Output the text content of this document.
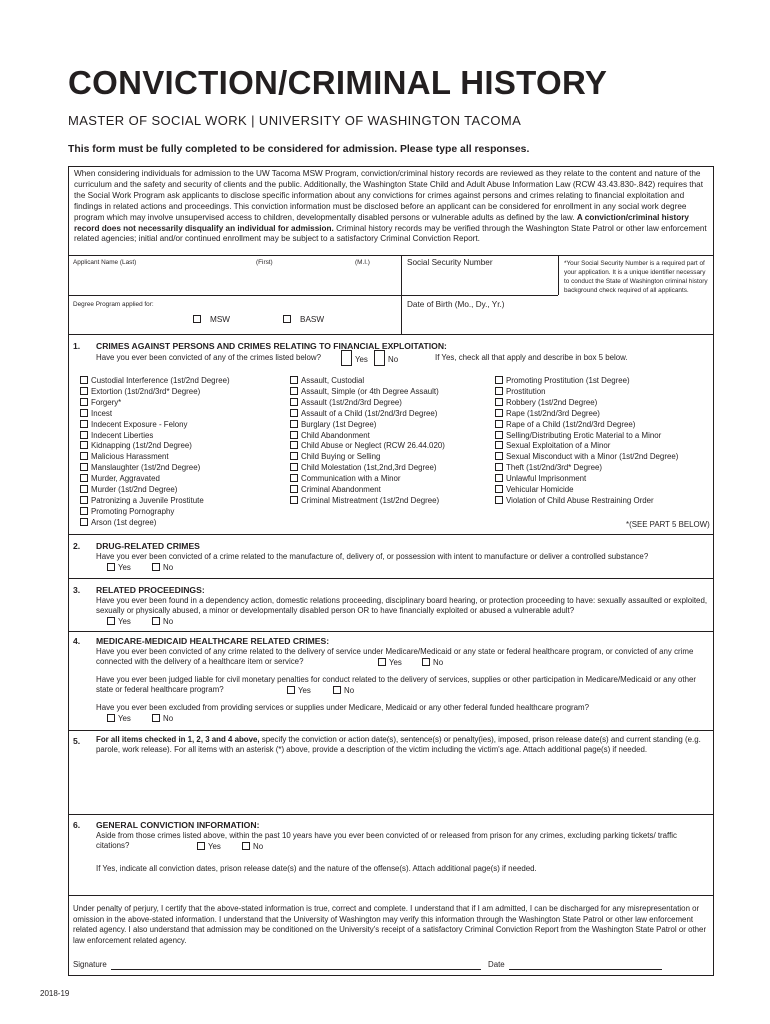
CONVICTION/CRIMINAL HISTORY
MASTER OF SOCIAL WORK | UNIVERSITY OF WASHINGTON TACOMA
This form must be fully completed to be considered for admission. Please type all responses.

When considering individuals for admission to the UW Tacoma MSW Program, conviction/criminal history records are reviewed as they relate to the content and nature of the curriculum and the safety and security of clients and the public. Additionally, the Washington State Child and Adult Abuse Information Law (RCW 43.43.830-.842) requires that the Social Work Program ask applicants to disclose specific information about any convictions for crimes against persons and crimes relating to financial exploitation and findings in related actions and proceedings. This conviction information must be disclosed before an applicant can be considered for enrollment in any social work degree program which may involve unsupervised access to children, developmentally disabled persons or vulnerable adults as defined by the law. A conviction/criminal history record does not necessarily disqualify an individual for admission. Criminal history records may be verified through the Washington State Patrol or other law enforcement related agencies; initial and/or continued enrollment may be subject to a satisfactory Criminal Conviction Report.

Applicant Name (Last)	(First)	(M.I.)	Social Security Number	*Your Social Security Number is a required part of your application. It is a unique identifier necessary to conduct the State of Washington criminal history background check required of all applicants.
Degree Program applied for:
MSW	BASW
Date of Birth (Mo., Dy., Yr.)
1. CRIMES AGAINST PERSONS AND CRIMES RELATING TO FINANCIAL EXPLOITATION:
Have you ever been convicted of any of the crimes listed below?	Yes	No	If Yes, check all that apply and describe in box 5 below.
Custodial Interference (1st/2nd Degree)
Extortion (1st/2nd/3rd* Degree)
Forgery*
Incest
Indecent Exposure - Felony
Indecent Liberties
Kidnapping (1st/2nd Degree)
Malicious Harassment
Manslaughter (1st/2nd Degree)
Murder, Aggravated
Murder (1st/2nd Degree)
Patronizing a Juvenile Prostitute
Promoting Pornography
Arson (1st degree)
Assault, Custodial
Assault, Simple (or 4th Degree Assault)
Assault (1st/2nd/3rd Degree)
Assault of a Child (1st/2nd/3rd Degree)
Burglary (1st Degree)
Child Abandonment
Child Abuse or Neglect (RCW 26.44.020)
Child Buying or Selling
Child Molestation (1st,2nd,3rd Degree)
Communication with a Minor
Criminal Abandonment
Criminal Mistreatment (1st/2nd Degree)
Promoting Prostitution (1st Degree)
Prostitution
Robbery (1st/2nd Degree)
Rape (1st/2nd/3rd Degree)
Rape of a Child (1st/2nd/3rd Degree)
Selling/Distributing Erotic Material to a Minor
Sexual Exploitation of a Minor
Sexual Misconduct with a Minor (1st/2nd Degree)
Theft (1st/2nd/3rd* Degree)
Unlawful Imprisonment
Vehicular Homicide
Violation of Child Abuse Restraining Order
*(SEE PART 5 BELOW)
2. DRUG-RELATED CRIMES
Have you ever been convicted of a crime related to the manufacture of, delivery of, or possession with intent to manufacture or deliver a controlled substance?
Yes	No
3. RELATED PROCEEDINGS:
Have you ever been found in a dependency action, domestic relations proceeding, disciplinary board hearing, or protection proceeding to have: sexually assaulted or exploited, sexually or physically abused, a minor or developmentally disabled person OR to have financially exploited or abused a vulnerable adult?
Yes	No
4. MEDICARE-MEDICAID HEALTHCARE RELATED CRIMES:
Have you ever been convicted of any crime related to the delivery of service under Medicare/Medicaid or any state or federal healthcare program, or convicted of any crime connected with the delivery of a healthcare item or service?	Yes	No
Have you ever been judged liable for civil monetary penalties for conduct related to the delivery of services, supplies or other participation in Medicare/Medicaid or any other state or federal healthcare program?	Yes	No
Have you ever been excluded from providing services or supplies under Medicare, Medicaid or any other federal funded healthcare program?
Yes	No
5. For all items checked in 1, 2, 3 and 4 above, specify the conviction or action date(s), sentence(s) or penalty(ies), imposed, prison release date(s) and current standing (e.g. parole, work release). For all items with an asterisk (*) above, provide a description of the victim including the victim's age. Attach additional page(s) if needed.
6. GENERAL CONVICTION INFORMATION:
Aside from those crimes listed above, within the past 10 years have you ever been convicted of or released from prison for any crimes, excluding parking tickets/ traffic citations?	Yes	No
If Yes, indicate all conviction dates, prison release date(s) and the nature of the offense(s). Attach additional page(s) if needed.
Under penalty of perjury, I certify that the above-stated information is true, correct and complete. I understand that if I am admitted, I can be discharged for any misrepresentation or omission in the above-stated information. I understand that the University of Washington may verify this information through the Washington State Patrol or other law enforcement related agency. I also understand that admission may be conditioned on the University's receipt of a satisfactory Criminal Conviction Report from the Washington State Patrol or other law enforcement related agency.
Signature	Date
2018-19
